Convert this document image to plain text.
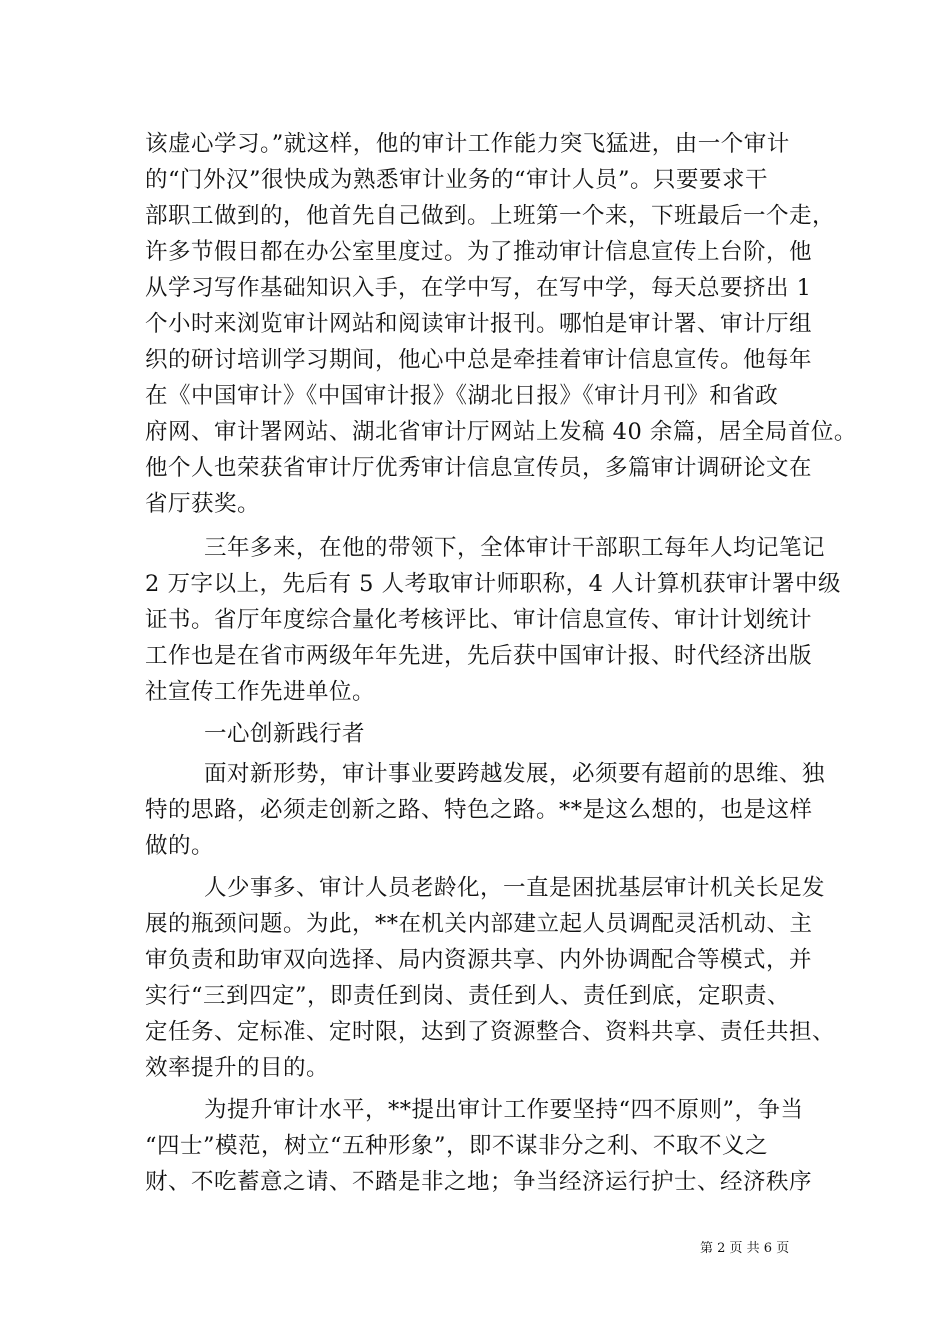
该虚心学习。”就这样，他的审计工作能力突飞猛进，由一个审计
的“门外汉”很快成为熟悉审计业务的“审计人员”。只要要求干
部职工做到的，他首先自己做到。上班第一个来，下班最后一个走，
许多节假日都在办公室里度过。为了推动审计信息宣传上台阶，他
从学习写作基础知识入手，在学中写，在写中学，每天总要挤出 1
个小时来浏览审计网站和阅读审计报刊。哪怕是审计署、审计厅组
织的研讨培训学习期间，他心中总是牵挂着审计信息宣传。他每年
在《中国审计》《中国审计报》《湖北日报》《审计月刊》和省政
府网、审计署网站、湖北省审计厅网站上发稿 40 余篇，居全局首位。
他个人也荣获省审计厅优秀审计信息宣传员，多篇审计调研论文在
省厅获奖。
三年多来，在他的带领下，全体审计干部职工每年人均记笔记
2 万字以上，先后有 5 人考取审计师职称，4 人计算机获审计署中级
证书。省厅年度综合量化考核评比、审计信息宣传、审计计划统计
工作也是在省市两级年年先进，先后获中国审计报、时代经济出版
社宣传工作先进单位。
一心创新践行者
面对新形势，审计事业要跨越发展，必须要有超前的思维、独
特的思路，必须走创新之路、特色之路。**是这么想的，也是这样
做的。
人少事多、审计人员老龄化，一直是困扰基层审计机关长足发
展的瓶颈问题。为此，**在机关内部建立起人员调配灵活机动、主
审负责和助审双向选择、局内资源共享、内外协调配合等模式，并
实行“三到四定”，即责任到岗、责任到人、责任到底，定职责、
定任务、定标准、定时限，达到了资源整合、资料共享、责任共担、
效率提升的目的。
为提升审计水平，**提出审计工作要坚持“四不原则”，争当
“四士”模范，树立“五种形象”，即不谋非分之利、不取不义之
财、不吃蓄意之请、不踏是非之地；争当经济运行护士、经济秩序
第 2 页 共 6 页
